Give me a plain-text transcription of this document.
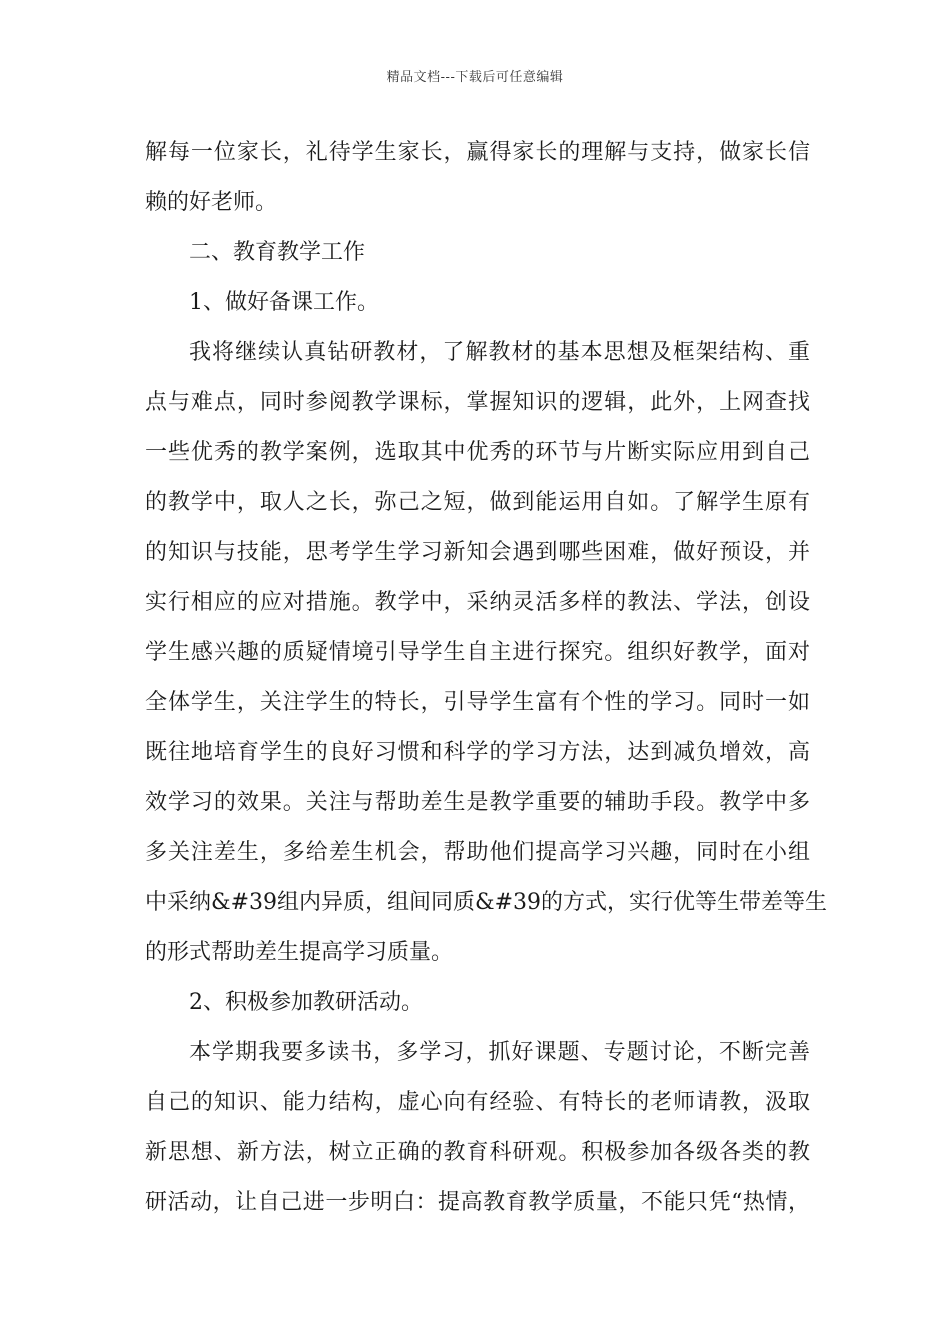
精品文档---下载后可任意编辑
解每一位家长，礼待学生家长，赢得家长的理解与支持，做家长信
赖的好老师。
二、教育教学工作
1、做好备课工作。
我将继续认真钻研教材，了解教材的基本思想及框架结构、重
点与难点，同时参阅教学课标，掌握知识的逻辑，此外，上网查找
一些优秀的教学案例，选取其中优秀的环节与片断实际应用到自己
的教学中，取人之长，弥己之短，做到能运用自如。了解学生原有
的知识与技能，思考学生学习新知会遇到哪些困难，做好预设，并
实行相应的应对措施。教学中，采纳灵活多样的教法、学法，创设
学生感兴趣的质疑情境引导学生自主进行探究。组织好教学，面对
全体学生，关注学生的特长，引导学生富有个性的学习。同时一如
既往地培育学生的良好习惯和科学的学习方法，达到减负增效，高
效学习的效果。关注与帮助差生是教学重要的辅助手段。教学中多
多关注差生，多给差生机会，帮助他们提高学习兴趣，同时在小组
中采纳&#39组内异质，组间同质&#39的方式，实行优等生带差等生
的形式帮助差生提高学习质量。
2、积极参加教研活动。
本学期我要多读书，多学习，抓好课题、专题讨论，不断完善
自己的知识、能力结构，虚心向有经验、有特长的老师请教，汲取
新思想、新方法，树立正确的教育科研观。积极参加各级各类的教
研活动，让自己进一步明白：提高教育教学质量，不能只凭“热情，
